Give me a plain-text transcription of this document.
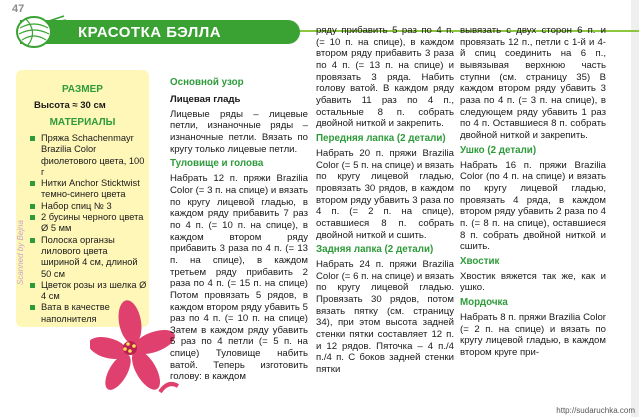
47
КРАСОТКА БЭЛЛА
РАЗМЕР
Высота ≈ 30 см
МАТЕРИАЛЫ
Пряжа Schachenmayr Brazilia Color фиолетового цвета, 100 г
Нитки Anchor Sticktwist темно-синего цвета
Набор спиц № 3
2 бусины черного цвета Ø 5 мм
Полоска органзы лилового цвета шириной 4 см, длиной 50 см
Цветок розы из шелка Ø 4 см
Вата в качестве наполнителя
Scanned by Bejna
Основной узор
Лицевая гладь

Лицевые ряды – лицевые петли, изнаночные ряды – изнаночные петли. Вязать по кругу только лицевые петли.

Туловище и голова

Набрать 12 п. пряжи Brazilia Color (= 3 п. на спице) и вязать по кругу лицевой гладью, в каждом ряду прибавить 7 раз по 4 п. (= 10 п. на спице), в каждом втором ряду прибавить 3 раза по 4 п. (= 13 п. на спице), в каждом третьем ряду прибавить 2 раза по 4 п. (= 15 п. на спице) Потом провязать 5 рядов, в каждом втором ряду убавить 5 раз по 4 п. (= 10 п. на спице) Затем в каждом ряду убавить 5 раз по 4 петли (= 5 п. на спице) Туловище набить ватой. Теперь изготовить голову: в каждом

ряду прибавить 5 раз по 4 п. (= 10 п. на спице), в каждом втором ряду прибавить 3 раза по 4 п. (= 13 п. на спице) и провязать 3 ряда. Набить голову ватой. В каждом ряду убавить 11 раз по 4 п., остальные 8 п. собрать двойной ниткой и закрепить.

Передняя лапка (2 детали)

Набрать 20 п. пряжи Brazilia Color (= 5 п. на спице) и вязать по кругу лицевой гладью, провязать 30 рядов, в каждом втором ряду убавить 3 раза по 4 п. (= 2 п. на спице), оставшиеся 8 п. собрать двойной ниткой и сшить.

Задняя лапка (2 детали)

Набрать 24 п. пряжи Brazilia Color (= 6 п. на спице) и вязать по кругу лицевой гладью. Провязать 30 рядов, потом вязать пятку (см. страницу 34), при этом высота задней стенки пятки составляет 12 п. и 12 рядов. Пяточка – 4 п./4 п./4 п. С боков задней стенки пятки

вывязать с двух сторон 6 п. и провязать 12 п., петли с 1-й и 4-й спиц соединить на 6 п., вывязывая верхнюю часть ступни (см. страницу 35) В каждом втором ряду убавить 3 раза по 4 п. (= 3 п. на спице), в следующем ряду убавить 1 раз по 4 п. Оставшиеся 8 п. собрать двойной ниткой и закрепить.

Ушко (2 детали)

Набрать 16 п. пряжи Brazilia Color (по 4 п. на спице) и вязать по кругу лицевой гладью, провязать 4 ряда, в каждом втором ряду убавить 2 раза по 4 п. (= 8 п. на спице), оставшиеся 8 п. собрать двойной ниткой и сшить.

Хвостик

Хвостик вяжется так же, как и ушко.

Мордочка

Набрать 8 п. пряжи Brazilia Color (= 2 п. на спице) и вязать по кругу лицевой гладью, в каждом втором круге при-

http://sudaruchka.com
